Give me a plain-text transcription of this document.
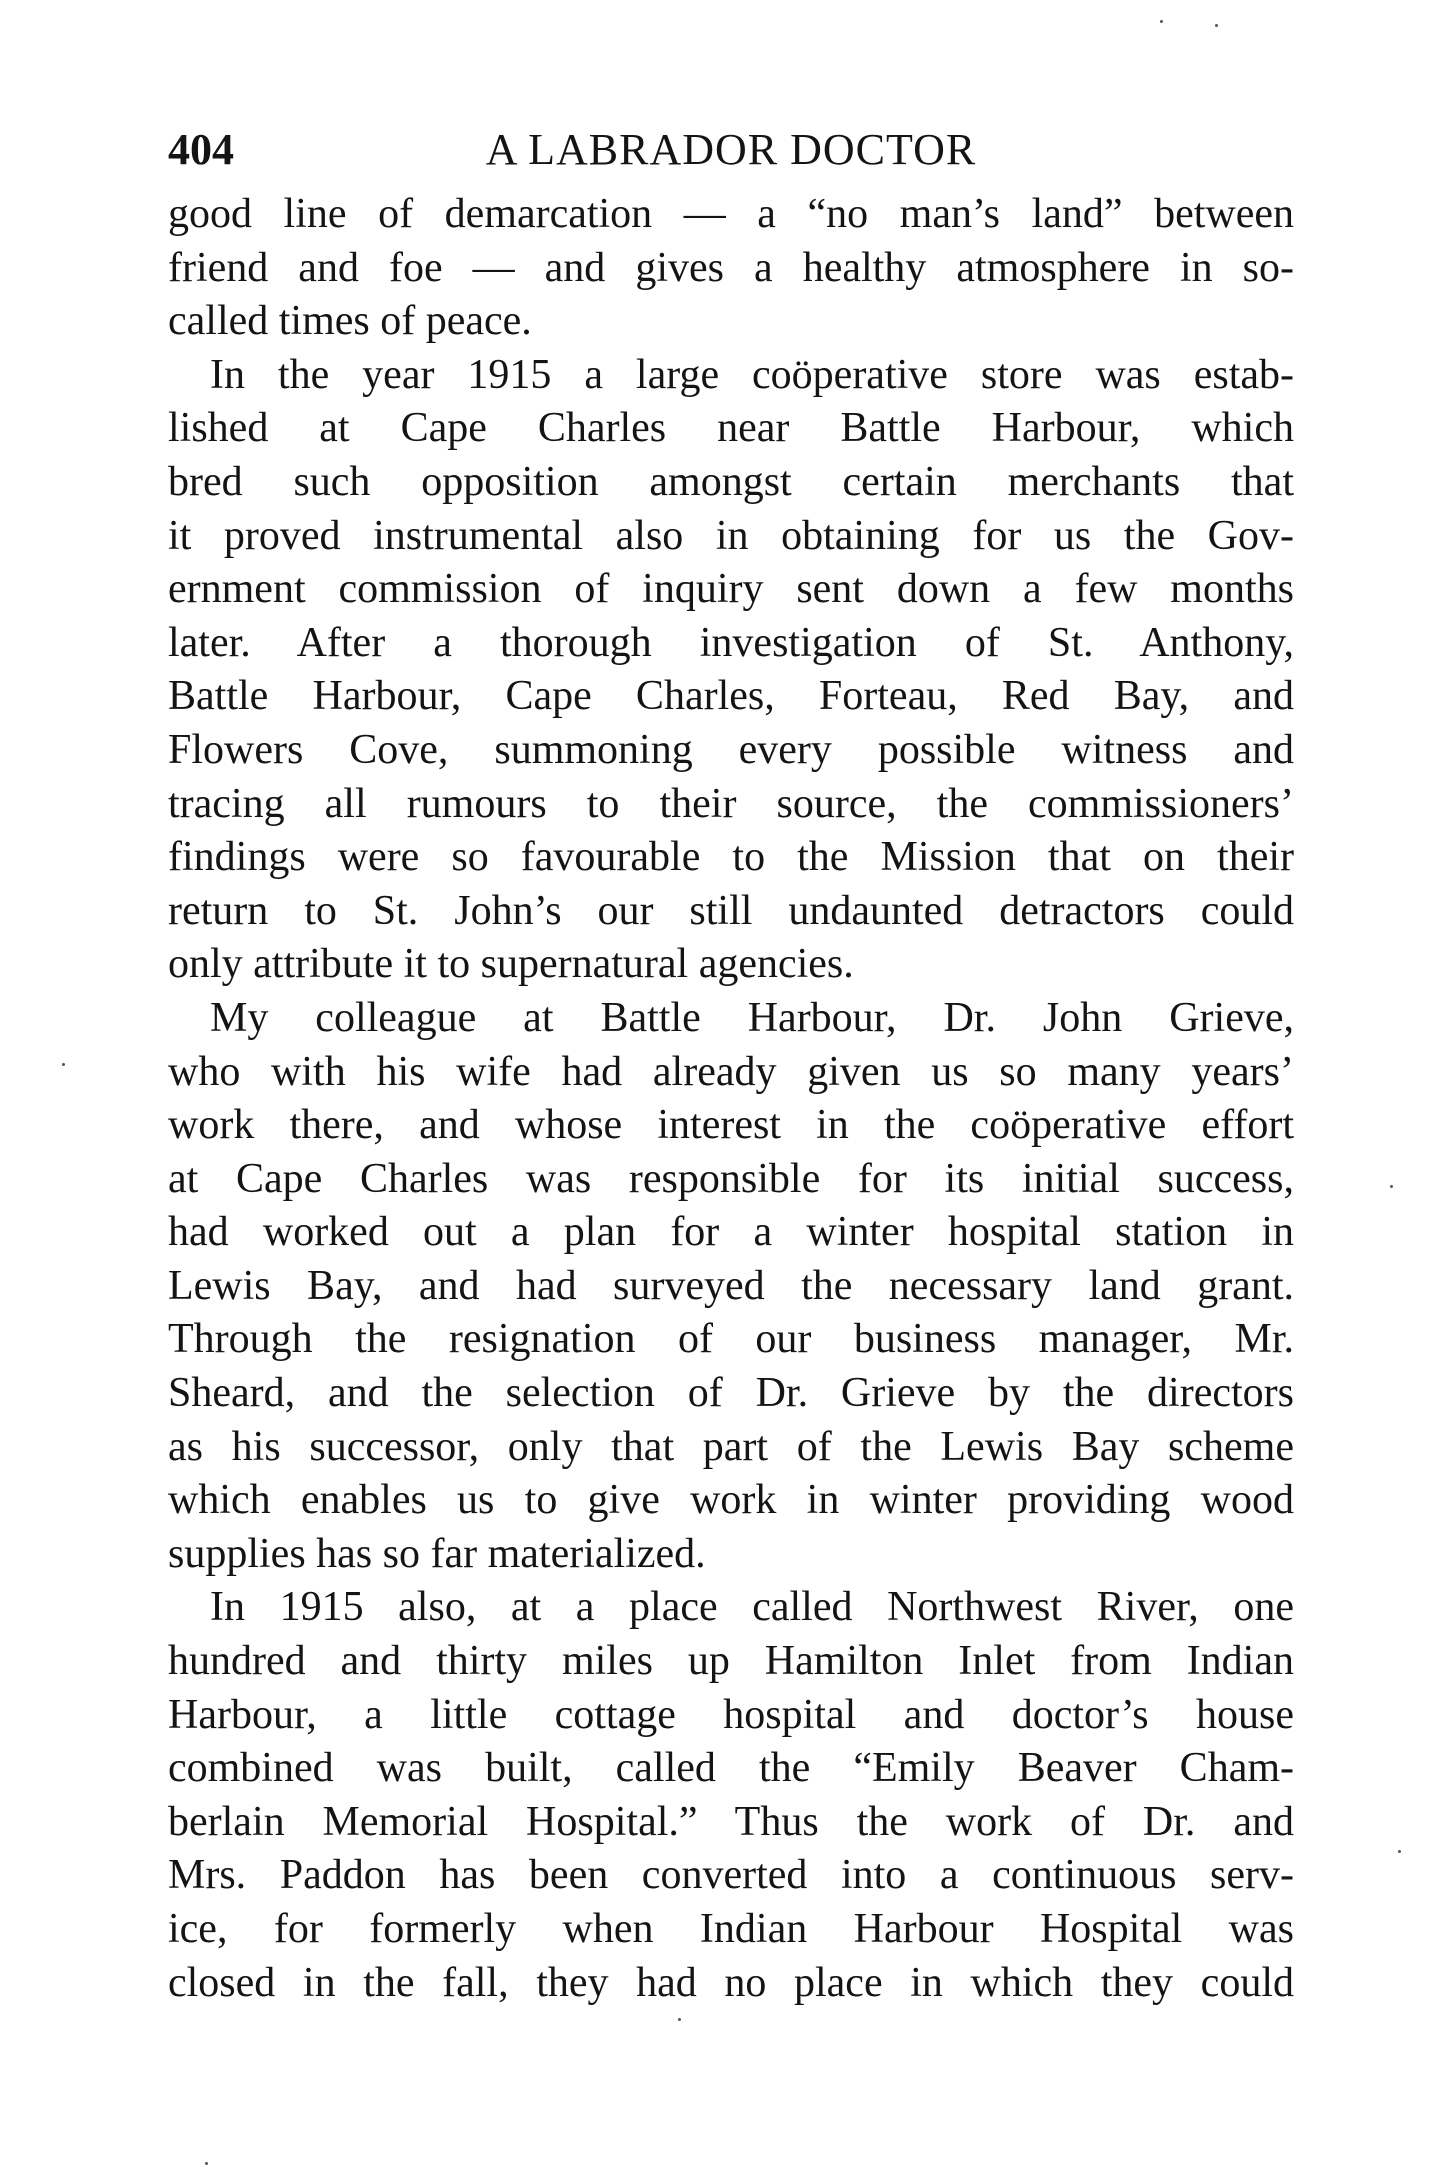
404	A LABRADOR DOCTOR
good line of demarcation — a “no man’s land” between
friend and foe — and gives a healthy atmosphere in so-
called times of peace.
In the year 1915 a large coöperative store was estab-
lished at Cape Charles near Battle Harbour, which
bred such opposition amongst certain merchants that
it proved instrumental also in obtaining for us the Gov-
ernment commission of inquiry sent down a few months
later. After a thorough investigation of St. Anthony,
Battle Harbour, Cape Charles, Forteau, Red Bay, and
Flowers Cove, summoning every possible witness and
tracing all rumours to their source, the commissioners’
findings were so favourable to the Mission that on their
return to St. John’s our still undaunted detractors could
only attribute it to supernatural agencies.
My colleague at Battle Harbour, Dr. John Grieve,
who with his wife had already given us so many years’
work there, and whose interest in the coöperative effort
at Cape Charles was responsible for its initial success,
had worked out a plan for a winter hospital station in
Lewis Bay, and had surveyed the necessary land grant.
Through the resignation of our business manager, Mr.
Sheard, and the selection of Dr. Grieve by the directors
as his successor, only that part of the Lewis Bay scheme
which enables us to give work in winter providing wood
supplies has so far materialized.
In 1915 also, at a place called Northwest River, one
hundred and thirty miles up Hamilton Inlet from Indian
Harbour, a little cottage hospital and doctor’s house
combined was built, called the “Emily Beaver Cham-
berlain Memorial Hospital.” Thus the work of Dr. and
Mrs. Paddon has been converted into a continuous serv-
ice, for formerly when Indian Harbour Hospital was
closed in the fall, they had no place in which they could
